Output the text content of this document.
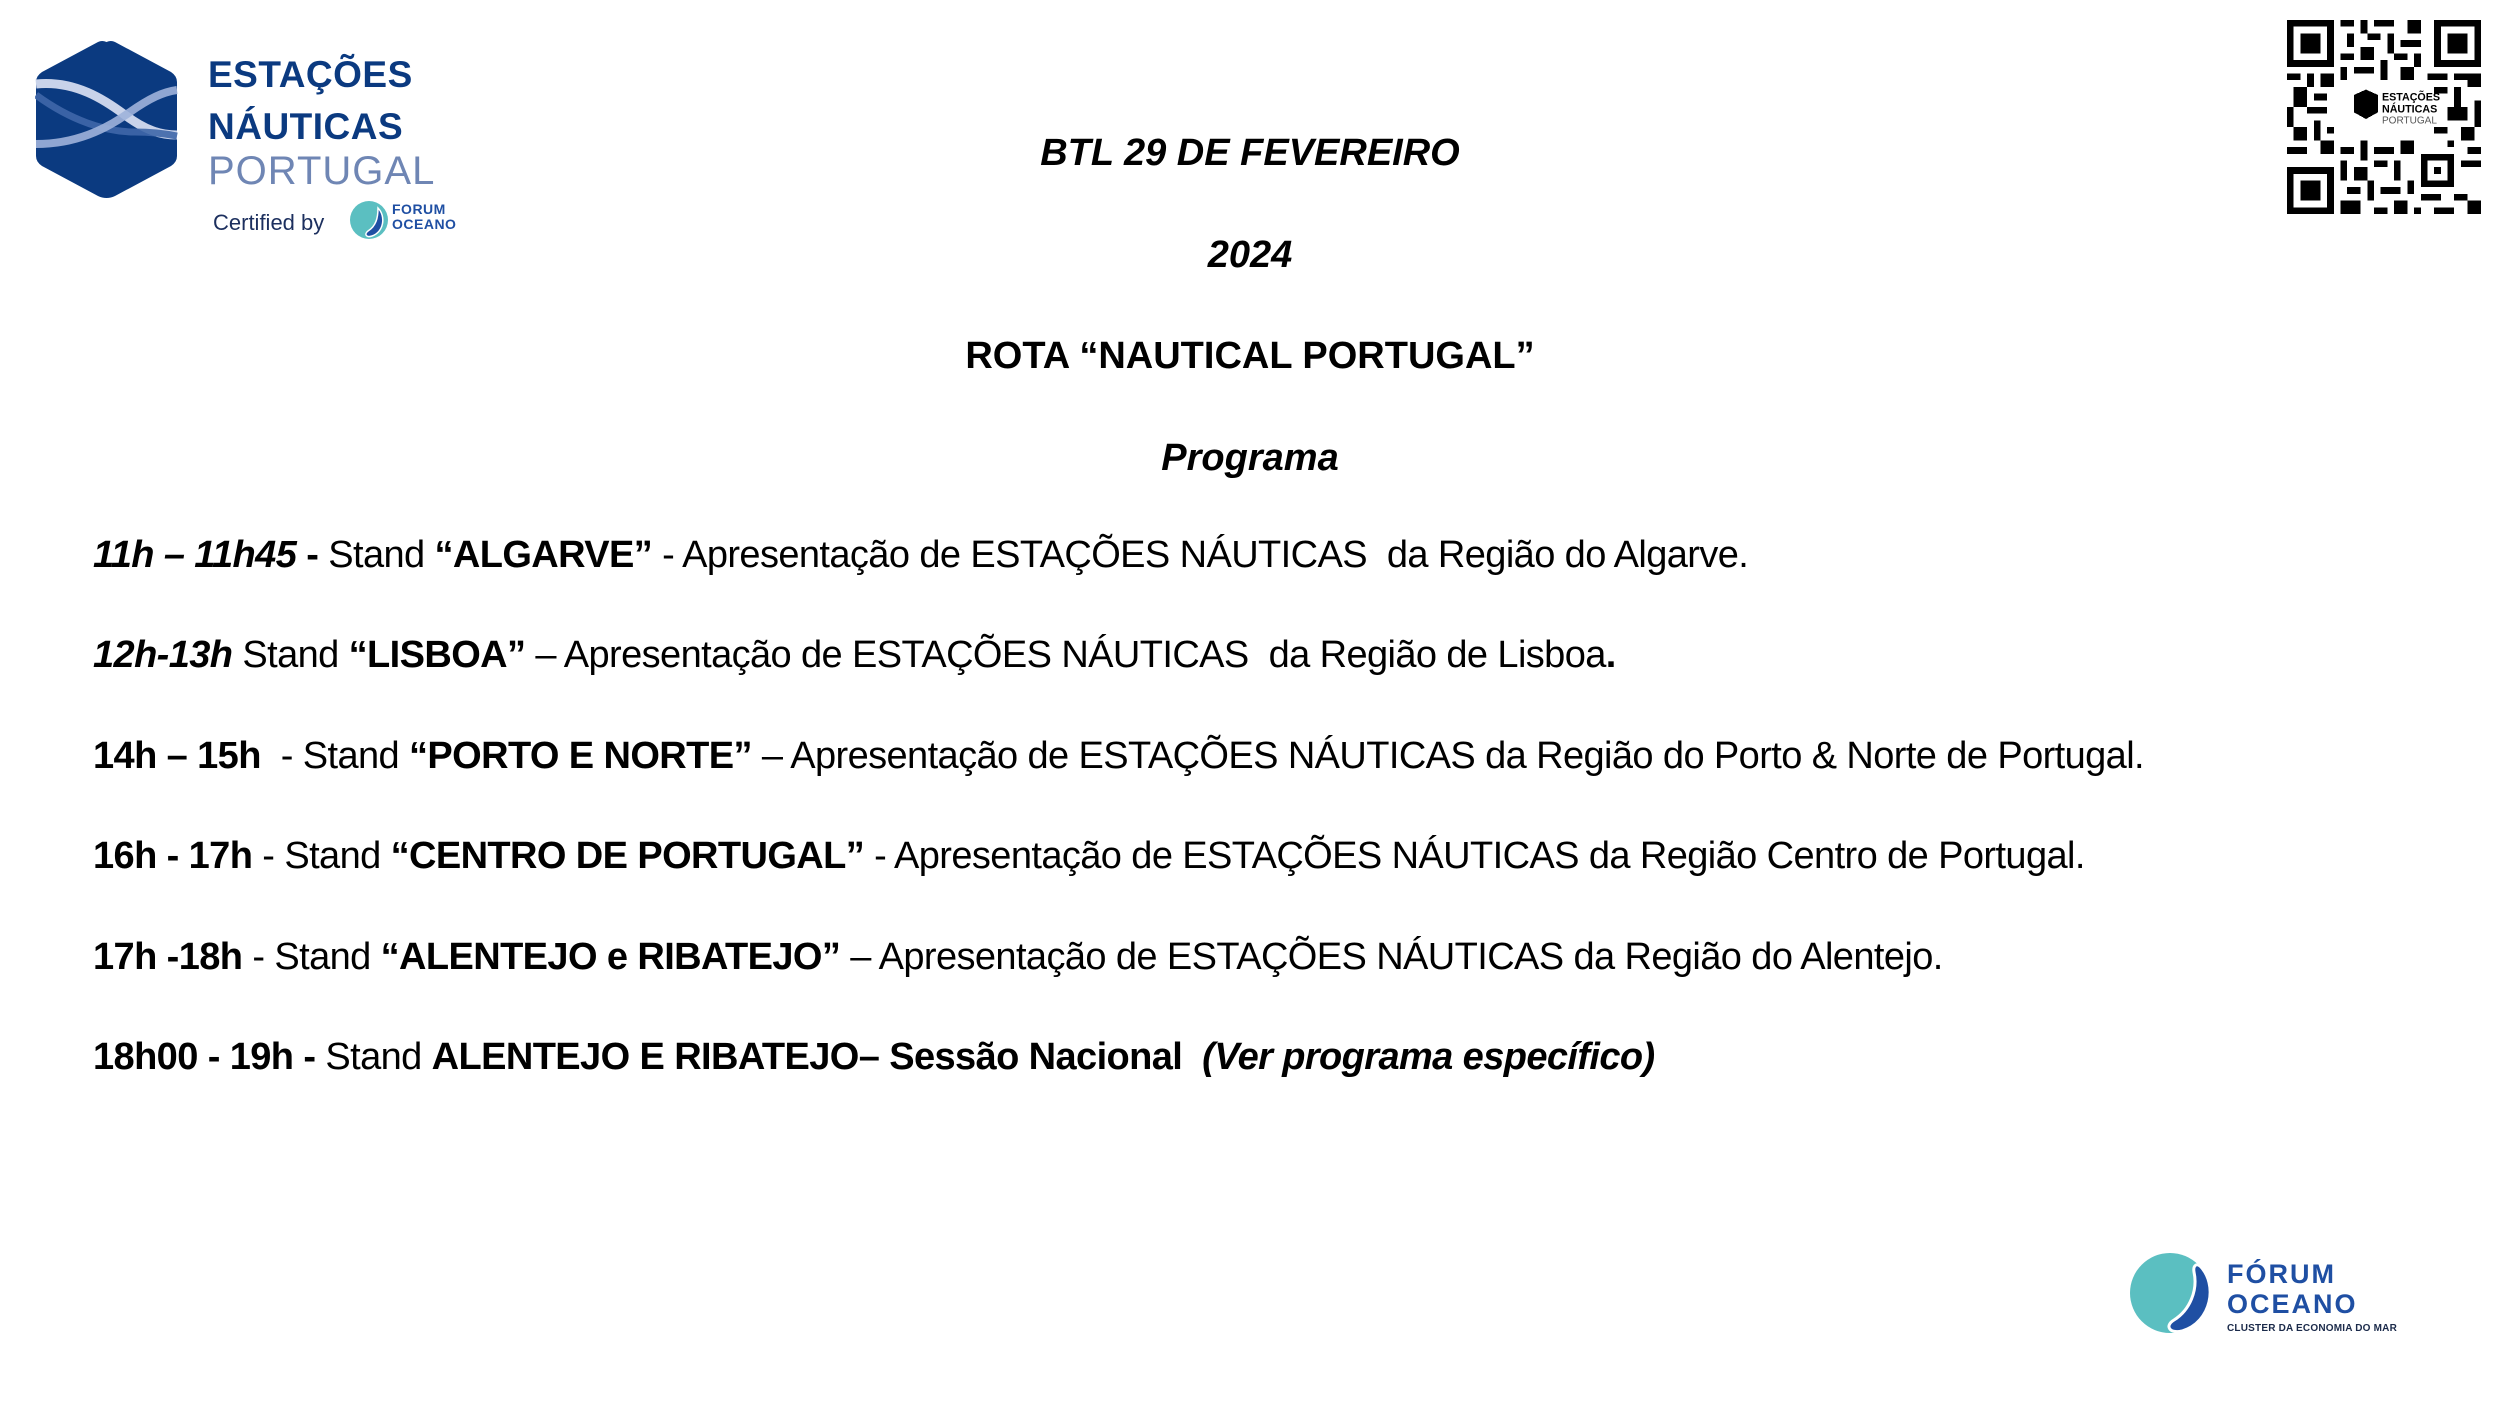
ESTAÇÕES
NÁUTICAS
PORTUGAL
Certified by
FORUM
OCEANO
ESTAÇÕES
NÁUTICAS
PORTUGAL
BTL 29 DE FEVEREIRO
2024
ROTA “NAUTICAL PORTUGAL”
Programa
11h – 11h45 - Stand “ALGARVE” - Apresentação de ESTAÇÕES NÁUTICAS  da Região do Algarve.
12h-13h Stand “LISBOA” – Apresentação de ESTAÇÕES NÁUTICAS  da Região de Lisboa.
14h – 15h  - Stand “PORTO E NORTE” – Apresentação de ESTAÇÕES NÁUTICAS da Região do Porto & Norte de Portugal.
16h - 17h - Stand “CENTRO DE PORTUGAL” - Apresentação de ESTAÇÕES NÁUTICAS da Região Centro de Portugal.
17h -18h - Stand “ALENTEJO e RIBATEJO” – Apresentação de ESTAÇÕES NÁUTICAS da Região do Alentejo.
18h00 - 19h - Stand ALENTEJO E RIBATEJO– Sessão Nacional  (Ver programa específico)
FÓRUM
OCEANO
CLUSTER DA ECONOMIA DO MAR
